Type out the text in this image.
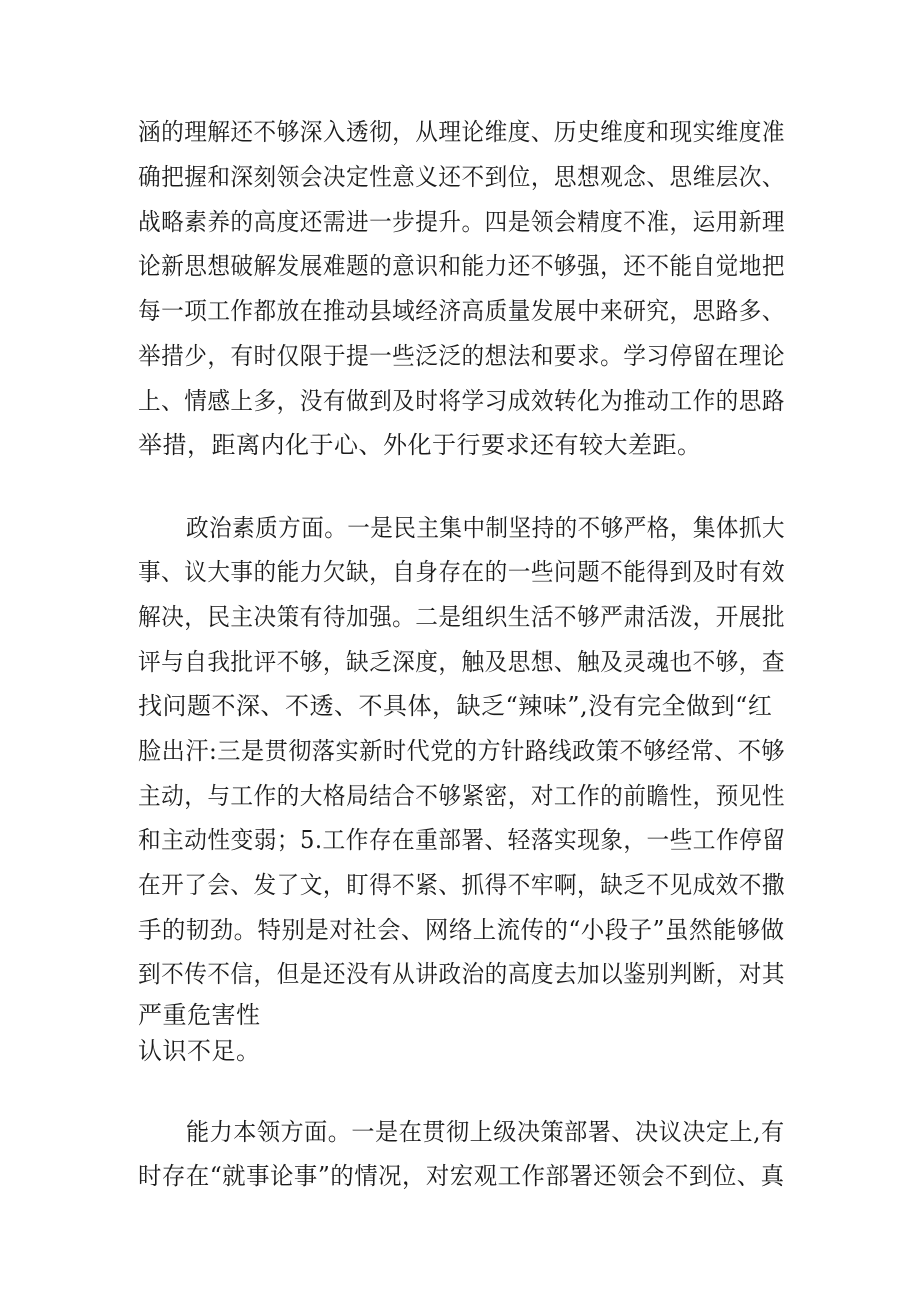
涵的理解还不够深入透彻，从理论维度、历史维度和现实维度准
确把握和深刻领会决定性意义还不到位，思想观念、思维层次、
战略素养的高度还需进一步提升。四是领会精度不准，运用新理
论新思想破解发展难题的意识和能力还不够强，还不能自觉地把
每一项工作都放在推动县域经济高质量发展中来研究，思路多、
举措少，有时仅限于提一些泛泛的想法和要求。学习停留在理论
上、情感上多，没有做到及时将学习成效转化为推动工作的思路
举措，距离内化于心、外化于行要求还有较大差距。
政治素质方面。一是民主集中制坚持的不够严格，集体抓大
事、议大事的能力欠缺，自身存在的一些问题不能得到及时有效
解决，民主决策有待加强。二是组织生活不够严肃活泼，开展批
评与自我批评不够，缺乏深度，触及思想、触及灵魂也不够，查
找问题不深、不透、不具体，缺乏“辣味”,没有完全做到“红
脸出汗:三是贯彻落实新时代党的方针路线政策不够经常、不够
主动，与工作的大格局结合不够紧密，对工作的前瞻性，预见性
和主动性变弱；5.工作存在重部署、轻落实现象，一些工作停留
在开了会、发了文，盯得不紧、抓得不牢啊，缺乏不见成效不撒
手的韧劲。特别是对社会、网络上流传的“小段子”虽然能够做
到不传不信，但是还没有从讲政治的高度去加以鉴别判断，对其
严重危害性
认识不足。
能力本领方面。一是在贯彻上级决策部署、决议决定上,有
时存在“就事论事”的情况，对宏观工作部署还领会不到位、真
